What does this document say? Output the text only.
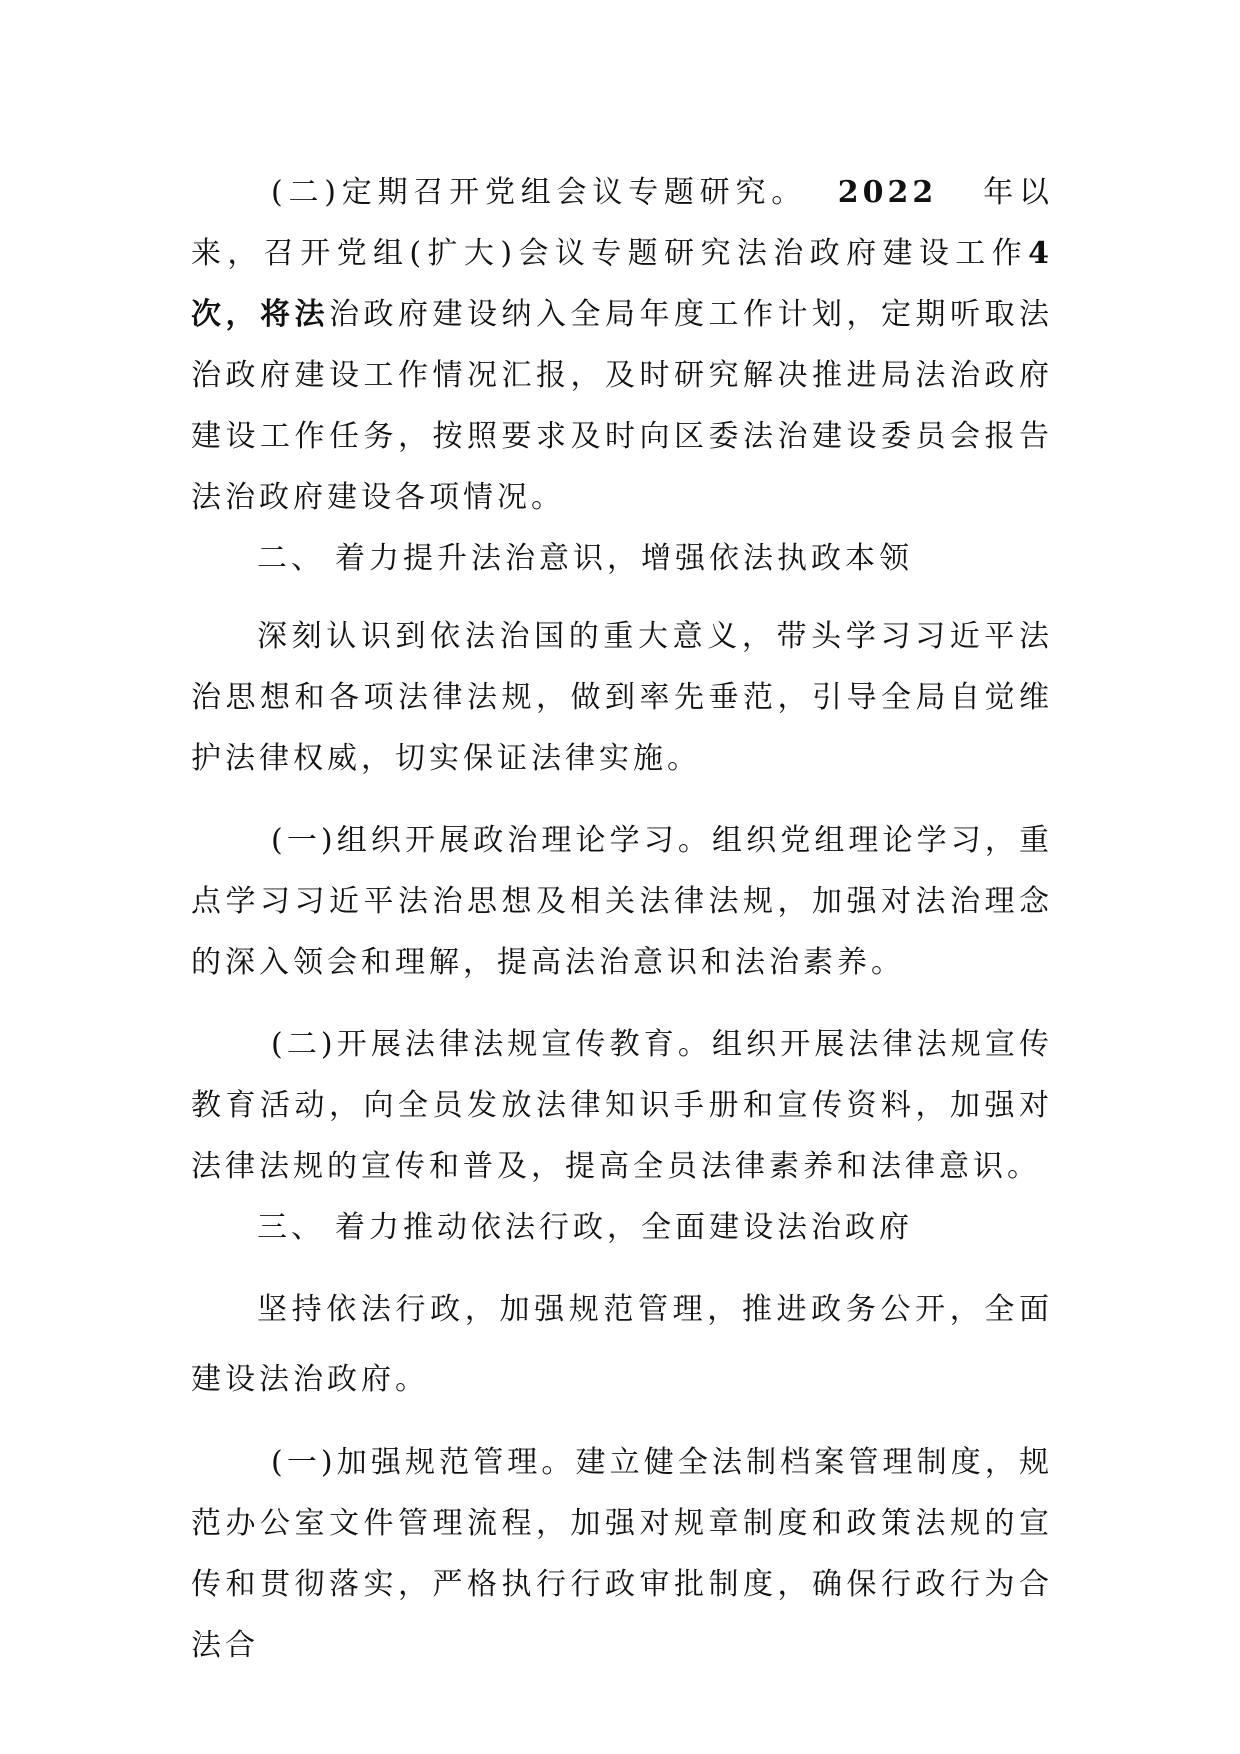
(二)定期召开党组会议专题研究。 2022 年以来，召开党组(扩大)会议专题研究法治政府建设工作4次，将法治政府建设纳入全局年度工作计划，定期听取法治政府建设工作情况汇报，及时研究解决推进局法治政府建设工作任务，按照要求及时向区委法治建设委员会报告法治政府建设各项情况。

二、 着力提升法治意识，增强依法执政本领

深刻认识到依法治国的重大意义，带头学习习近平法治思想和各项法律法规，做到率先垂范，引导全局自觉维护法律权威，切实保证法律实施。

(一)组织开展政治理论学习。组织党组理论学习，重点学习习近平法治思想及相关法律法规，加强对法治理念的深入领会和理解，提高法治意识和法治素养。

(二)开展法律法规宣传教育。组织开展法律法规宣传教育活动，向全员发放法律知识手册和宣传资料，加强对法律法规的宣传和普及，提高全员法律素养和法律意识。

三、 着力推动依法行政，全面建设法治政府

坚持依法行政，加强规范管理，推进政务公开，全面建设法治政府。

(一)加强规范管理。建立健全法制档案管理制度，规范办公室文件管理流程，加强对规章制度和政策法规的宣传和贯彻落实，严格执行行政审批制度，确保行政行为合法合
